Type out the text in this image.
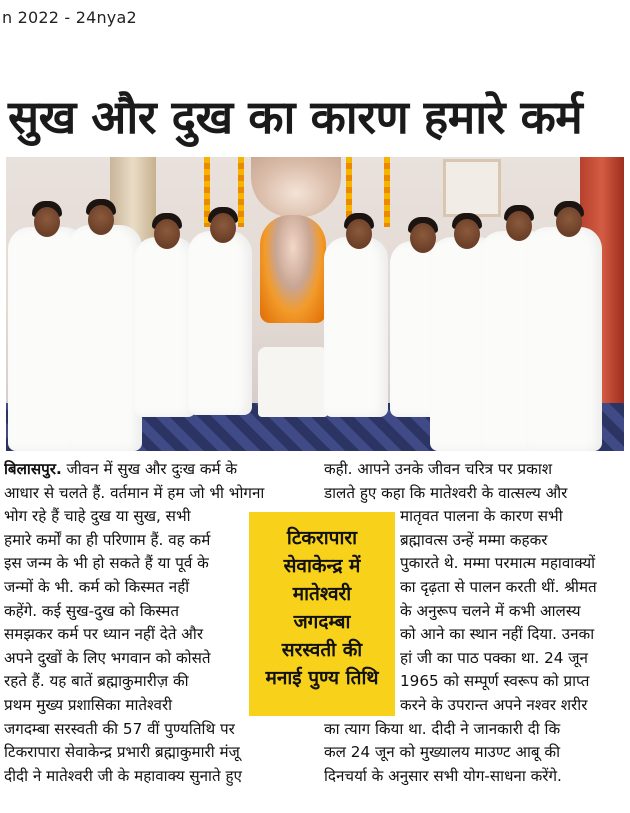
n 2022 - 24nya2
सुख और दुख का कारण हमारे कर्म
बिलासपुर. जीवन में सुख और दुःख कर्म के
आधार से चलते हैं. वर्तमान में हम जो भी भोगना
भोग रहे हैं चाहे दुख या सुख, सभी
हमारे कर्मों का ही परिणाम हैं. वह कर्म
इस जन्म के भी हो सकते हैं या पूर्व के
जन्मों के भी. कर्म को किस्मत नहीं
कहेंगे. कई सुख-दुख को किस्मत
समझकर कर्म पर ध्यान नहीं देते और
अपने दुखों के लिए भगवान को कोसते
रहते हैं. यह बातें ब्रह्माकुमारीज़ की
प्रथम मुख्य प्रशासिका मातेश्वरी
जगदम्बा सरस्वती की 57 वीं पुण्यतिथि पर
टिकरापारा सेवाकेन्द्र प्रभारी ब्रह्माकुमारी मंजू
दीदी ने मातेश्वरी जी के महावाक्य सुनाते हुए
कही. आपने उनके जीवन चरित्र पर प्रकाश
डालते हुए कहा कि मातेश्वरी के वात्सल्य और
मातृवत पालना के कारण सभी
ब्रह्मावत्स उन्हें मम्मा कहकर
पुकारते थे. मम्मा परमात्म महावाक्यों
का दृढ़ता से पालन करती थीं. श्रीमत
के अनुरूप चलने में कभी आलस्य
को आने का स्थान नहीं दिया. उनका
हां जी का पाठ पक्का था. 24 जून
1965 को सम्पूर्ण स्वरूप को प्राप्त
करने के उपरान्त अपने नश्वर शरीर
का त्याग किया था. दीदी ने जानकारी दी कि
कल 24 जून को मुख्यालय माउण्ट आबू की
दिनचर्या के अनुसार सभी योग-साधना करेंगे.
टिकरापारा
सेवाकेन्द्र में
मातेश्वरी
जगदम्बा
सरस्वती की
मनाई पुण्य तिथि
